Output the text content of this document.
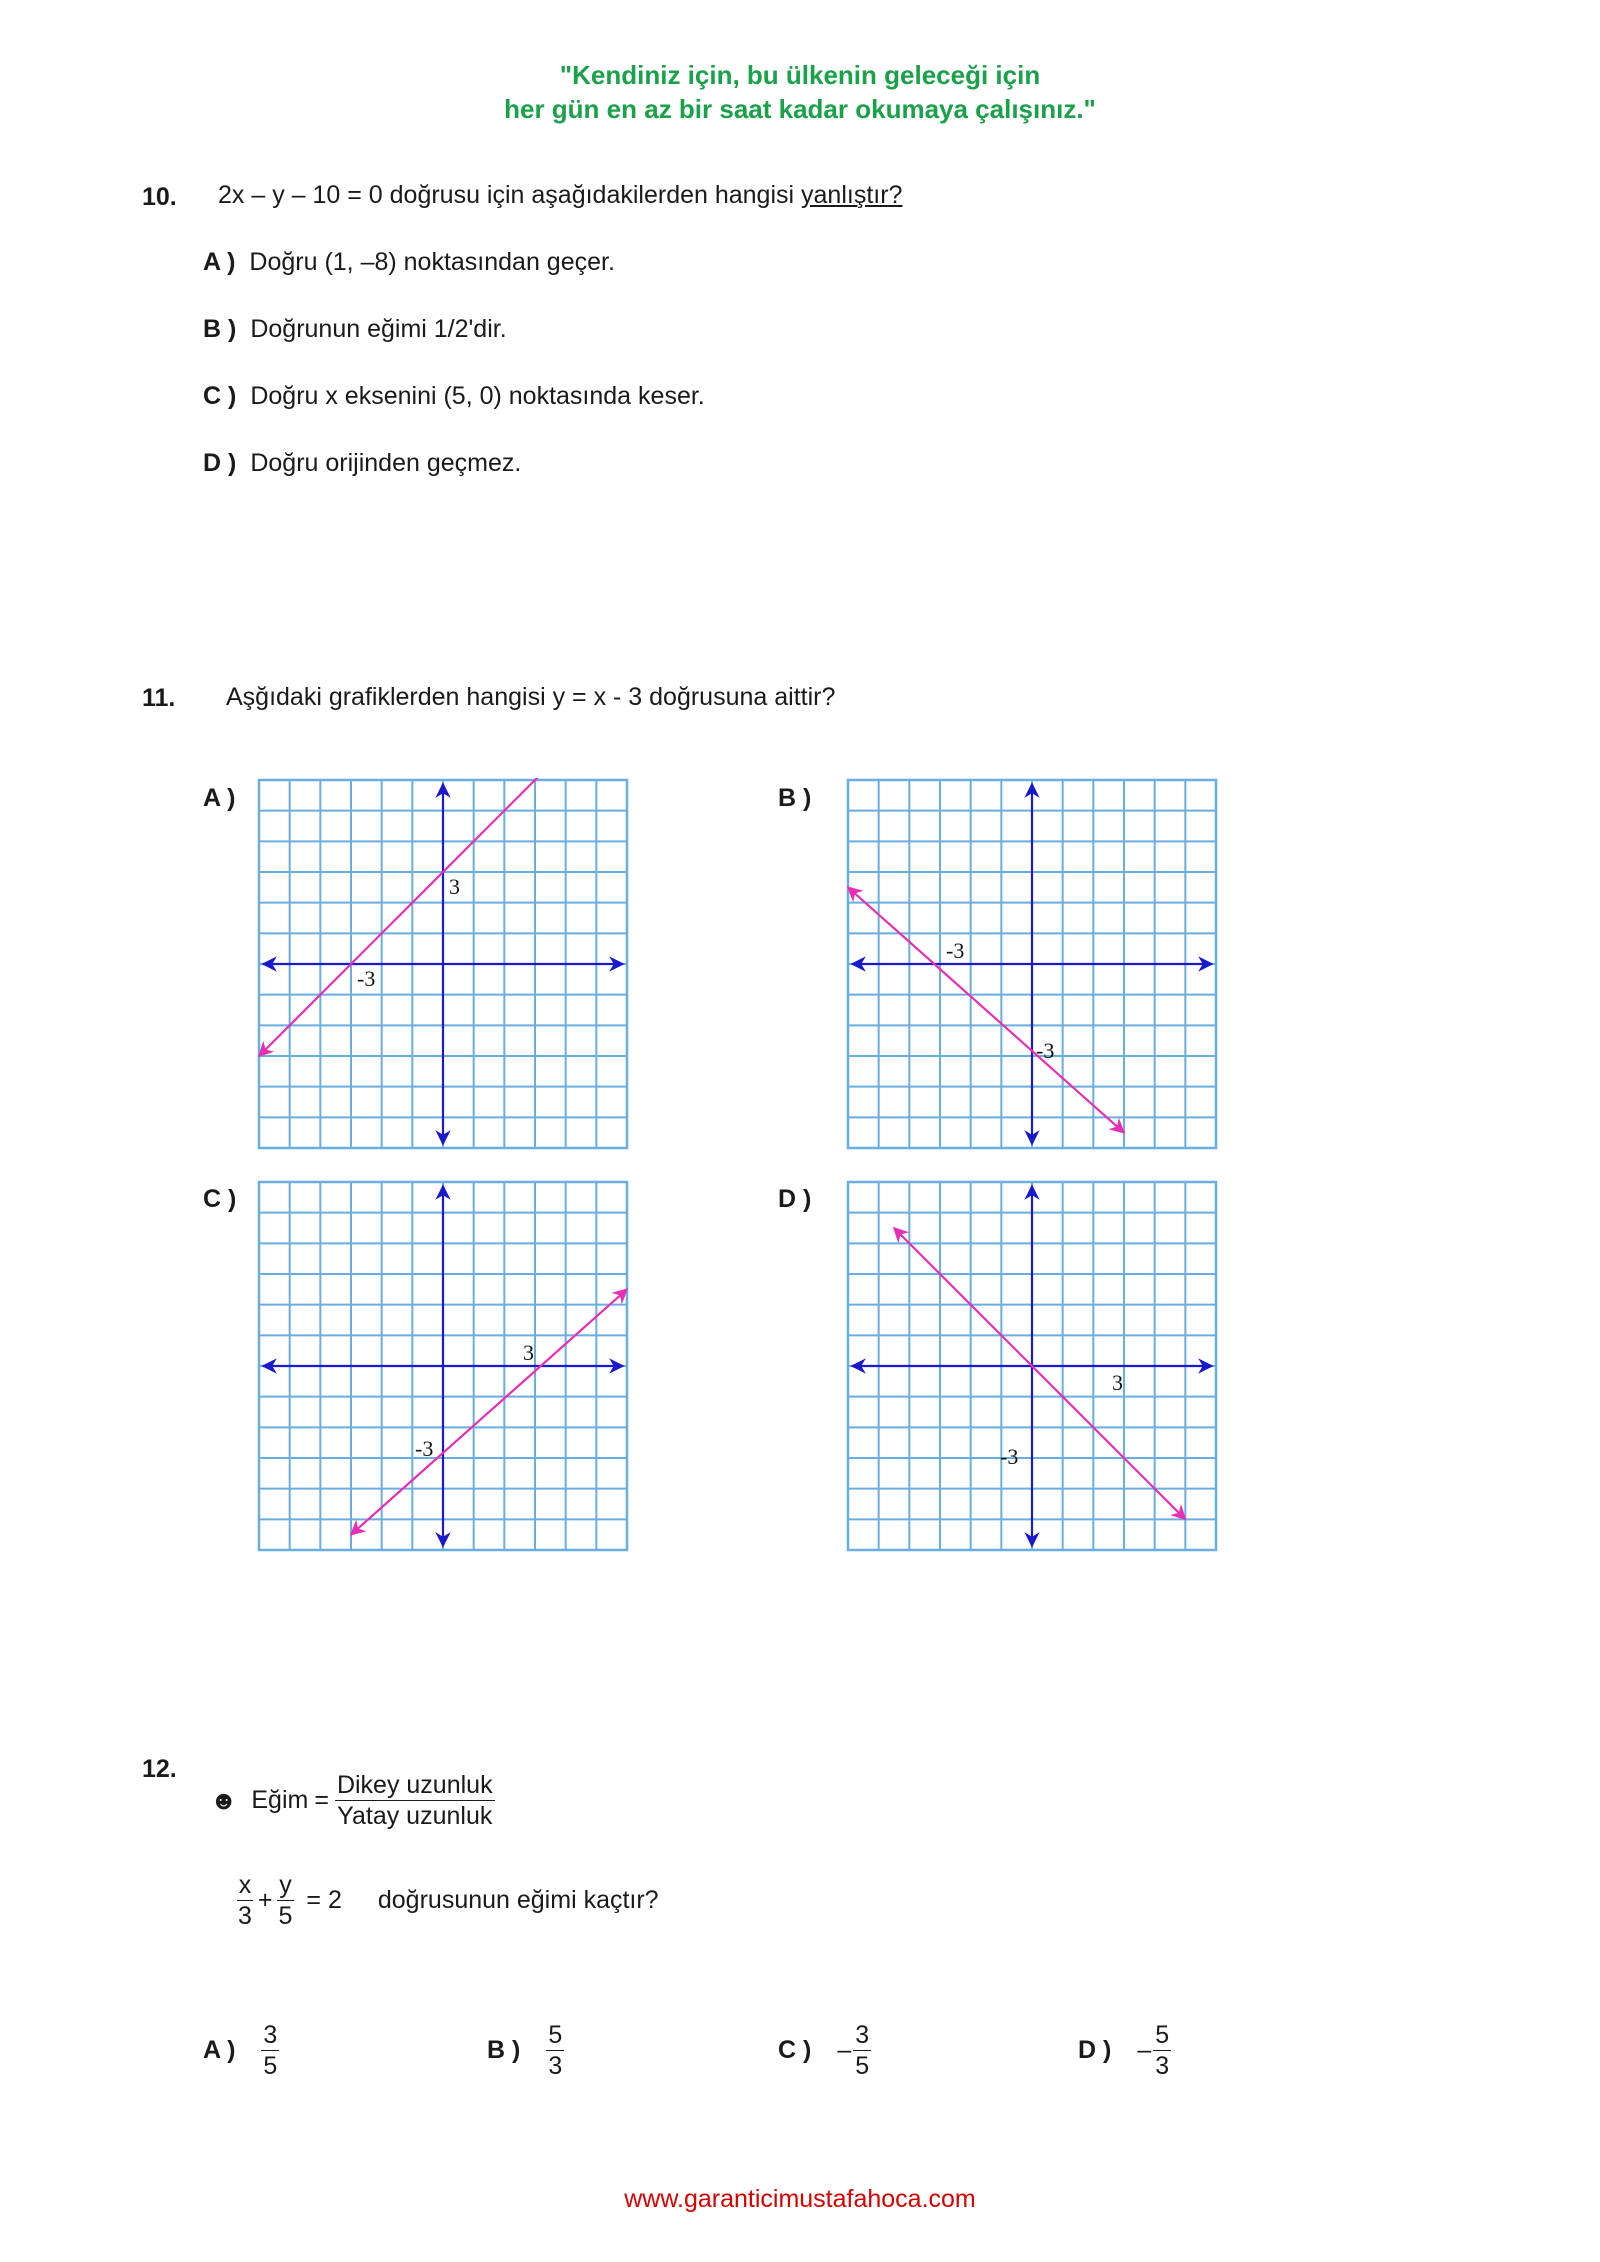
"Kendiniz için, bu ülkenin geleceği için
her gün en az bir saat kadar okumaya çalışınız."
10. 2x – y – 10 = 0 doğrusu için aşağıdakilerden hangisi yanlıştır?
A ) Doğru (1, –8) noktasından geçer.
B ) Doğrunun eğimi 1/2'dir.
C ) Doğru x eksenini (5, 0) noktasında keser.
D ) Doğru orijinden geçmez.
11. Aşğıdaki grafiklerden hangisi y = x - 3 doğrusuna aittir?
A )	B )
C )	D )
3
-3
-3
-3
3
-3
3
-3
12.
☻ Eğim = $\frac{\text{Dikey uzunluk}}{\text{Yatay uzunluk}}$
$\frac{x}{3} + \frac{y}{5} = 2$ doğrusunun eğimi kaçtır?
A ) $\frac{3}{5}$	B ) $\frac{5}{3}$	C ) – $\frac{3}{5}$	D ) – $\frac{5}{3}$
www.garanticimustafahoca.com
